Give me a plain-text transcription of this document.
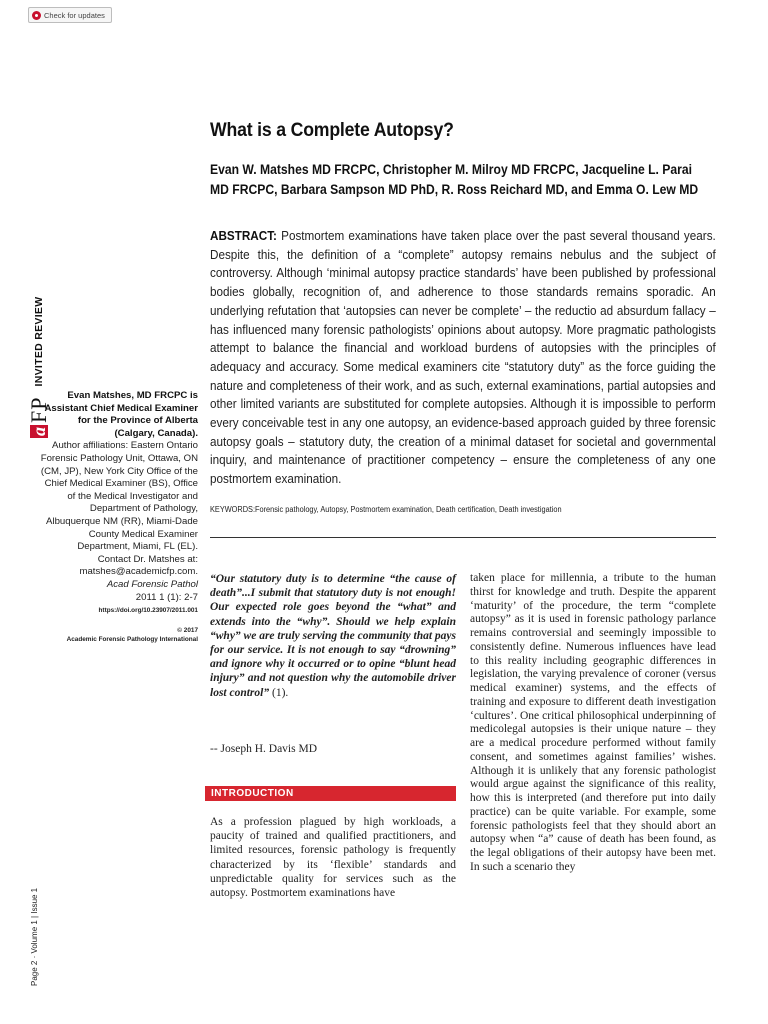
Check for updates
a
FP
INVITED REVIEW
Page 2 · Volume 1 | Issue 1
What is a Complete Autopsy?
Evan W. Matshes MD FRCPC, Christopher M. Milroy MD FRCPC, Jacqueline L. Parai MD FRCPC, Barbara Sampson MD PhD, R. Ross Reichard MD, and Emma O. Lew MD
ABSTRACT: Postmortem examinations have taken place over the past several thousand years. Despite this, the definition of a “complete” autopsy remains nebulus and the subject of controversy. Although ‘minimal autopsy practice standards’ have been published by professional bodies globally, recognition of, and adherence to those standards remains sporadic. An underlying refutation that ‘autopsies can never be complete’ – the reductio ad absurdum fallacy – has influenced many forensic pathologists’ opinions about autopsy. More pragmatic pathologists attempt to balance the financial and workload burdens of autopsies with the principles of adequacy and accuracy. Some medical examiners cite “statutory duty” as the force guiding the nature and completeness of their work, and as such, external examinations, partial autopsies and other limited variants are substituted for complete autopsies. Although it is impossible to perform every conceivable test in any one autopsy, an evidence-based approach guided by three forensic autopsy goals – statutory duty, the creation of a minimal dataset for societal and governmental inquiry, and maintenance of practitioner competency – ensure the completeness of any one postmortem examination.
KEYWORDS:Forensic pathology, Autopsy, Postmortem examination, Death certification, Death investigation
Evan Matshes, MD FRCPC is Assistant Chief Medical Examiner for the Province of Alberta (Calgary, Canada).
Author affiliations: Eastern Ontario Forensic Pathology Unit, Ottawa, ON (CM, JP), New York City Office of the Chief Medical Examiner (BS), Office of the Medical Investigator and Department of Pathology, Albuquerque NM (RR), Miami-Dade County Medical Examiner Department, Miami, FL (EL).
Contact Dr. Matshes at: matshes@academicfp.com.
Acad Forensic Pathol
2011 1 (1): 2-7
https://doi.org/10.23907/2011.001
© 2017
Academic Forensic Pathology International
“Our statutory duty is to determine “the cause of death”...I submit that statutory duty is not enough! Our expected role goes beyond the “what” and extends into the “why”. Should we help explain “why” we are truly serving the community that pays for our service. It is not enough to say “drowning” and ignore why it occurred or to opine “blunt head injury” and not question why the automobile driver lost control” (1).
-- Joseph H. Davis MD
INTRODUCTION
As a profession plagued by high workloads, a paucity of trained and qualified practitioners, and limited resources, forensic pathology is frequently characterized by its ‘flexible’ standards and unpredictable quality for services such as the autopsy. Postmortem examinations have
taken place for millennia, a tribute to the human thirst for knowledge and truth. Despite the apparent ‘maturity’ of the procedure, the term “complete autopsy” as it is used in forensic pathology parlance remains controversial and seemingly impossible to consistently define. Numerous influences have lead to this reality including geographic differences in legislation, the varying prevalence of coroner (versus medical examiner) systems, and the effects of training and exposure to different death investigation ‘cultures’. One critical philosophical underpinning of medicolegal autopsies is their unique nature – they are a medical procedure performed without family consent, and sometimes against families’ wishes. Although it is unlikely that any forensic pathologist would argue against the significance of this reality, how this is interpreted (and therefore put into daily practice) can be quite variable. For example, some forensic pathologists feel that they should abort an autopsy when “a” cause of death has been found, as the legal obligations of their autopsy have been met. In such a scenario they
